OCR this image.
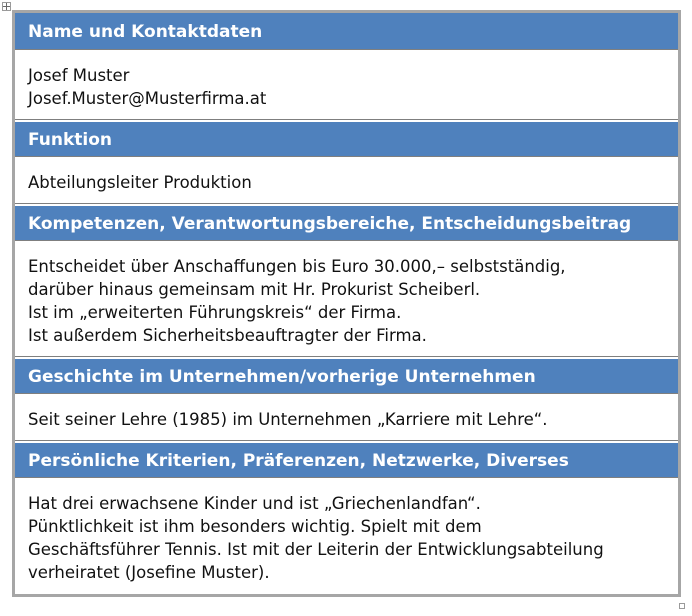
Name und Kontaktdaten
Josef Muster
Josef.Muster@Musterfirma.at
Funktion
Abteilungsleiter Produktion
Kompetenzen, Verantwortungsbereiche, Entscheidungsbeitrag
Entscheidet über Anschaffungen bis Euro 30.000,– selbstständig,
darüber hinaus gemeinsam mit Hr. Prokurist Scheiberl.
Ist im „erweiterten Führungskreis“ der Firma.
Ist außerdem Sicherheitsbeauftragter der Firma.
Geschichte im Unternehmen/vorherige Unternehmen
Seit seiner Lehre (1985) im Unternehmen „Karriere mit Lehre“.
Persönliche Kriterien, Präferenzen, Netzwerke, Diverses
Hat drei erwachsene Kinder und ist „Griechenlandfan“.
Pünktlichkeit ist ihm besonders wichtig. Spielt mit dem
Geschäftsführer Tennis. Ist mit der Leiterin der Entwicklungsabteilung
verheiratet (Josefine Muster).
